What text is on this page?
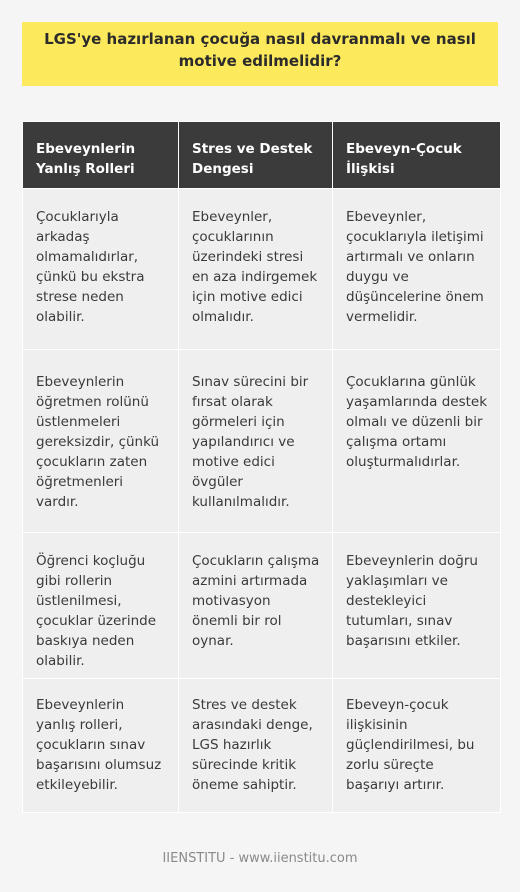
LGS'ye hazırlanan çocuğa nasıl davranmalı ve nasıl motive edilmelidir?
Ebeveynlerin Yanlış Rolleri	Stres ve Destek Dengesi	Ebeveyn-Çocuk İlişkisi
Çocuklarıyla arkadaş olmamalıdırlar, çünkü bu ekstra strese neden olabilir.	Ebeveynler, çocuklarının üzerindeki stresi en aza indirgemek için motive edici olmalıdır.	Ebeveynler, çocuklarıyla iletişimi artırmalı ve onların duygu ve düşüncelerine önem vermelidir.
Ebeveynlerin öğretmen rolünü üstlenmeleri gereksizdir, çünkü çocukların zaten öğretmenleri vardır.	Sınav sürecini bir fırsat olarak görmeleri için yapılandırıcı ve motive edici övgüler kullanılmalıdır.	Çocuklarına günlük yaşamlarında destek olmalı ve düzenli bir çalışma ortamı oluşturmalıdırlar.
Öğrenci koçluğu gibi rollerin üstlenilmesi, çocuklar üzerinde baskıya neden olabilir.	Çocukların çalışma azmini artırmada motivasyon önemli bir rol oynar.	Ebeveynlerin doğru yaklaşımları ve destekleyici tutumları, sınav başarısını etkiler.
Ebeveynlerin yanlış rolleri, çocukların sınav başarısını olumsuz etkileyebilir.	Stres ve destek arasındaki denge, LGS hazırlık sürecinde kritik öneme sahiptir.	Ebeveyn-çocuk ilişkisinin güçlendirilmesi, bu zorlu süreçte başarıyı artırır.
IIENSTITU - www.iienstitu.com
